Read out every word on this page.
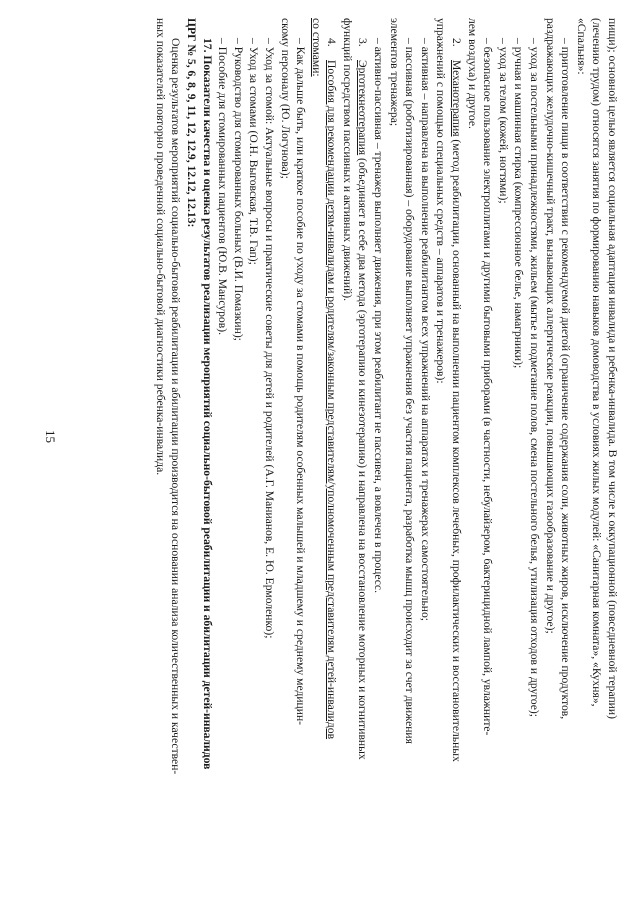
15	пищи); основной целью является социальная адаптация инвалида и ребенка-инвалида. В том числе к оккупационной (повседневной терапии)

(лечению трудом) относятся занятия по формированию навыков домоводства в условиях жилых модулей: «Санитарная комната», «Кухня»,

«Спальня»:

– приготовление пищи в соответствии с рекомендуемой диетой (ограничение содержания соли, животных жиров, исключение продуктов,

раздражающих желудочно-кишечный тракт, вызывающих аллергические реакции, повышающих газообразование и другое);

– уход за постельными принадлежностями, жильем (мытье и подметание полов, смена постельного белья, утилизация отходов и другое);

– ручная и машинная стирка (компрессионное белье, намагрники);

– уход за телом (кожей, ногтями);

– безопасное пользование электроплитами и другими бытовыми приборами (в частности, небулайзером, бактерицидной лампой, увлажните-

лем воздуха) и другое.

2.Механотерапия (метод реабилитации, основанный на выполнении пациентом комплексов лечебных, профилактических и восстановительных

упражнений с помощью специальных средств – аппаратов и тренажеров):

– активная – направлена на выполнение реабилитантом всех упражнений на аппаратах и тренажерах самостоятельно;

– пассивная (роботизированная) – оборудование выполняет упражнения без участия пациента, разработка мышц происходит за счет движения

элементов тренажера;

– активно-пассивная – тренажер выполняет движения, при этом реабилитант не пассивен, а вовлечен в процесс.

3.Эрготекнеотерапия (объединяет в себе два метода (эрготерапию и кинезотерапию) и направлена на восстановление моторных и когнитивных

функций посредством пассивных и активных движений).

4.Пособия для рекомендации детям-инвалидам и родителям/законным представителям/уполномоченным представителям детей-инвалидов

со стомами:

– Как дальше быть, или краткое пособие по уходу за стомами в помощь родителям особенных малышей и младшему и среднему медицин-

скому персоналу (Ю. Логунова);

– Уход за стомой: Актуальные вопросы и практические советы для детей и родителей (А.Г. Манианов, Е. Ю. Ермоленко);

– Уход за стомами (О.Н. Выговская, Т.В. Гап);

– Руководство для стомированных больных (В.И. Помазкин);

– Пособие для стомированных пациентов (Ю.В. Мансуров).

17. Показатели качества и оценка результатов реализации мероприятий социально-бытовой реабилитации и абилитации детей-инвалидов

ЦРГ № 5, 6, 8, 9, 11, 12, 12.9, 12.12, 12.13:

Оценка результатов мероприятий социально-бытовой реабилитации и абилитации производится на основании анализа количественных и качествен-

ных показателей повторно проведенной социально-бытовой диагностики ребенка-инвалида.
